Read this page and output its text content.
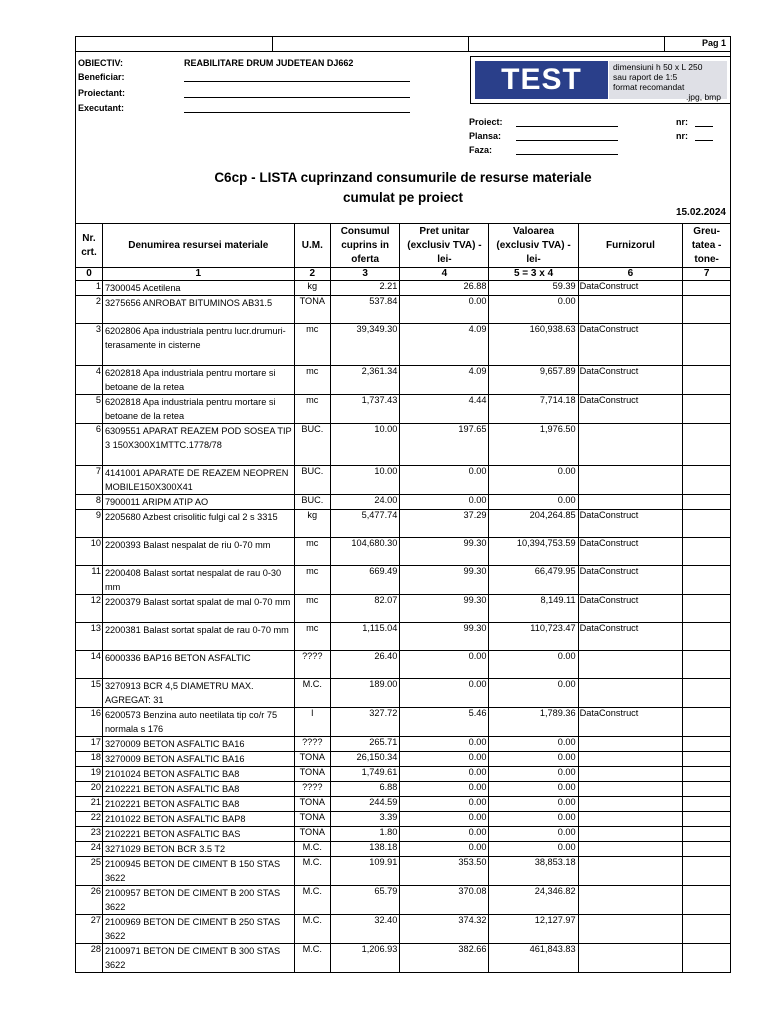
Pag 1
OBIECTIV:	REABILITARE DRUM JUDETEAN DJ662
Beneficiar:
Proiectant:
Executant:
TEST	dimensiuni h 50 x L 250
sau raport de 1:5
format recomandat
.jpg, bmp
Proiect:
Plansa:
Faza:
nr:
nr:
C6cp - LISTA cuprinzand consumurile de resurse materiale
cumulat pe proiect
15.02.2024
Nr. crt.	Denumirea resursei materiale	U.M.	Consumul cuprins in oferta	Pret unitar (exclusiv TVA) -lei-	Valoarea (exclusiv TVA) -lei-	Furnizorul	Greu- tatea -tone-
0	1	2	3	4	5 = 3 x 4	6	7
1	7300045 Acetilena	kg	2.21	26.88	59.39	DataConstruct	
2	3275656 ANROBAT BITUMINOS AB31.5	TONA	537.84	0.00	0.00		
3	6202806 Apa industriala pentru lucr.drumuri-terasamente in cisterne	mc	39,349.30	4.09	160,938.63	DataConstruct	
4	6202818 Apa industriala pentru mortare si betoane de la retea	mc	2,361.34	4.09	9,657.89	DataConstruct	
5	6202818 Apa industriala pentru mortare si betoane de la retea	mc	1,737.43	4.44	7,714.18	DataConstruct	
6	6309551 APARAT REAZEM POD SOSEA TIP 3 150X300X1MTTC.1778/78	BUC.	10.00	197.65	1,976.50		
7	4141001 APARATE DE REAZEM NEOPREN MOBILE150X300X41	BUC.	10.00	0.00	0.00		
8	7900011 ARIPM ATIP AO	BUC.	24.00	0.00	0.00		
9	2205680 Azbest crisolitic fulgi cal 2 s 3315	kg	5,477.74	37.29	204,264.85	DataConstruct	
10	2200393 Balast nespalat de riu 0-70 mm	mc	104,680.30	99.30	10,394,753.59	DataConstruct	
11	2200408 Balast sortat nespalat de rau 0-30 mm	mc	669.49	99.30	66,479.95	DataConstruct	
12	2200379 Balast sortat spalat de mal 0-70 mm	mc	82.07	99.30	8,149.11	DataConstruct	
13	2200381 Balast sortat spalat de rau 0-70 mm	mc	1,115.04	99.30	110,723.47	DataConstruct	
14	6000336 BAP16 BETON ASFALTIC	????	26.40	0.00	0.00		
15	3270913 BCR 4,5 DIAMETRU MAX. AGREGAT: 31	M.C.	189.00	0.00	0.00		
16	6200573 Benzina auto neetilata tip co/r 75 normala s 176	l	327.72	5.46	1,789.36	DataConstruct	
17	3270009 BETON ASFALTIC BA16	????	265.71	0.00	0.00		
18	3270009 BETON ASFALTIC BA16	TONA	26,150.34	0.00	0.00		
19	2101024 BETON ASFALTIC BA8	TONA	1,749.61	0.00	0.00		
20	2102221 BETON ASFALTIC BA8	????	6.88	0.00	0.00		
21	2102221 BETON ASFALTIC BA8	TONA	244.59	0.00	0.00		
22	2101022 BETON ASFALTIC BAP8	TONA	3.39	0.00	0.00		
23	2102221 BETON ASFALTIC BAS	TONA	1.80	0.00	0.00		
24	3271029 BETON BCR 3.5 T2	M.C.	138.18	0.00	0.00		
25	2100945 BETON DE CIMENT B 150 STAS 3622	M.C.	109.91	353.50	38,853.18		
26	2100957 BETON DE CIMENT B 200 STAS 3622	M.C.	65.79	370.08	24,346.82		
27	2100969 BETON DE CIMENT B 250 STAS 3622	M.C.	32.40	374.32	12,127.97		
28	2100971 BETON DE CIMENT B 300 STAS 3622	M.C.	1,206.93	382.66	461,843.83		
